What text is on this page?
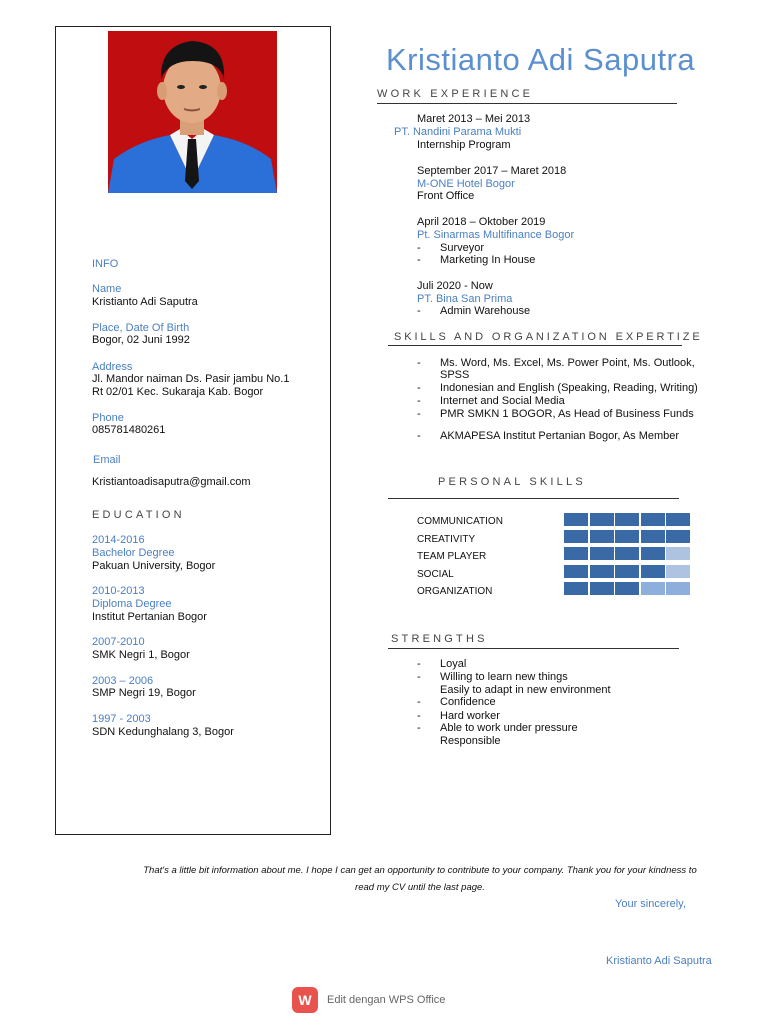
INFO
Name
Kristianto Adi Saputra
Place, Date Of Birth
Bogor, 02 Juni 1992
Address
Jl. Mandor naiman Ds. Pasir jambu No.1
Rt 02/01 Kec. Sukaraja Kab. Bogor
Phone
085781480261
Email
Kristiantoadisaputra@gmail.com
EDUCATION
2014-2016
Bachelor Degree
Pakuan University, Bogor
2010-2013
Diploma Degree
Institut Pertanian Bogor
2007-2010
SMK Negri 1, Bogor
2003 – 2006
SMP Negri 19, Bogor
1997 - 2003
SDN Kedunghalang 3, Bogor
Kristianto Adi Saputra
WORK EXPERIENCE
Maret 2013 – Mei 2013
PT. Nandini Parama Mukti
Internship Program
September 2017 – Maret 2018
M-ONE Hotel Bogor
Front Office
April 2018 – Oktober 2019
Pt. Sinarmas Multifinance Bogor
- Surveyor
- Marketing In House
Juli 2020 - Now
PT. Bina San Prima
- Admin Warehouse
SKILLS AND ORGANIZATION EXPERTIZE
- Ms. Word, Ms. Excel, Ms. Power Point, Ms. Outlook,
SPSS
- Indonesian and English (Speaking, Reading, Writing)
- Internet and Social Media
- PMR SMKN 1 BOGOR, As Head of Business Funds
- AKMAPESA Institut Pertanian Bogor, As Member
PERSONAL SKILLS
COMMUNICATION
CREATIVITY
TEAM PLAYER
SOCIAL
ORGANIZATION
STRENGTHS
- Loyal
- Willing to learn new things
Easily to adapt in new environment
- Confidence
- Hard worker
- Able to work under pressure
Responsible
That's a little bit information about me. I hope I can get an opportunity to contribute to your company. Thank you for your kindness to
read my CV until the last page.
Your sincerely,
Kristianto Adi Saputra
W	Edit dengan WPS Office
